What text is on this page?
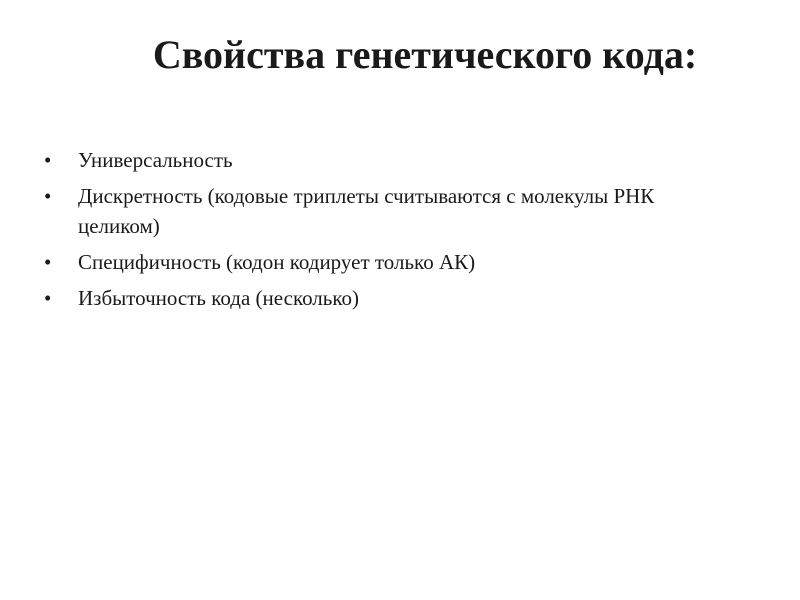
Свойства генетического кода:
• Универсальность
• Дискретность (кодовые триплеты считываются с молекулы РНК целиком)
• Специфичность (кодон кодирует только АК)
• Избыточность кода (несколько)
